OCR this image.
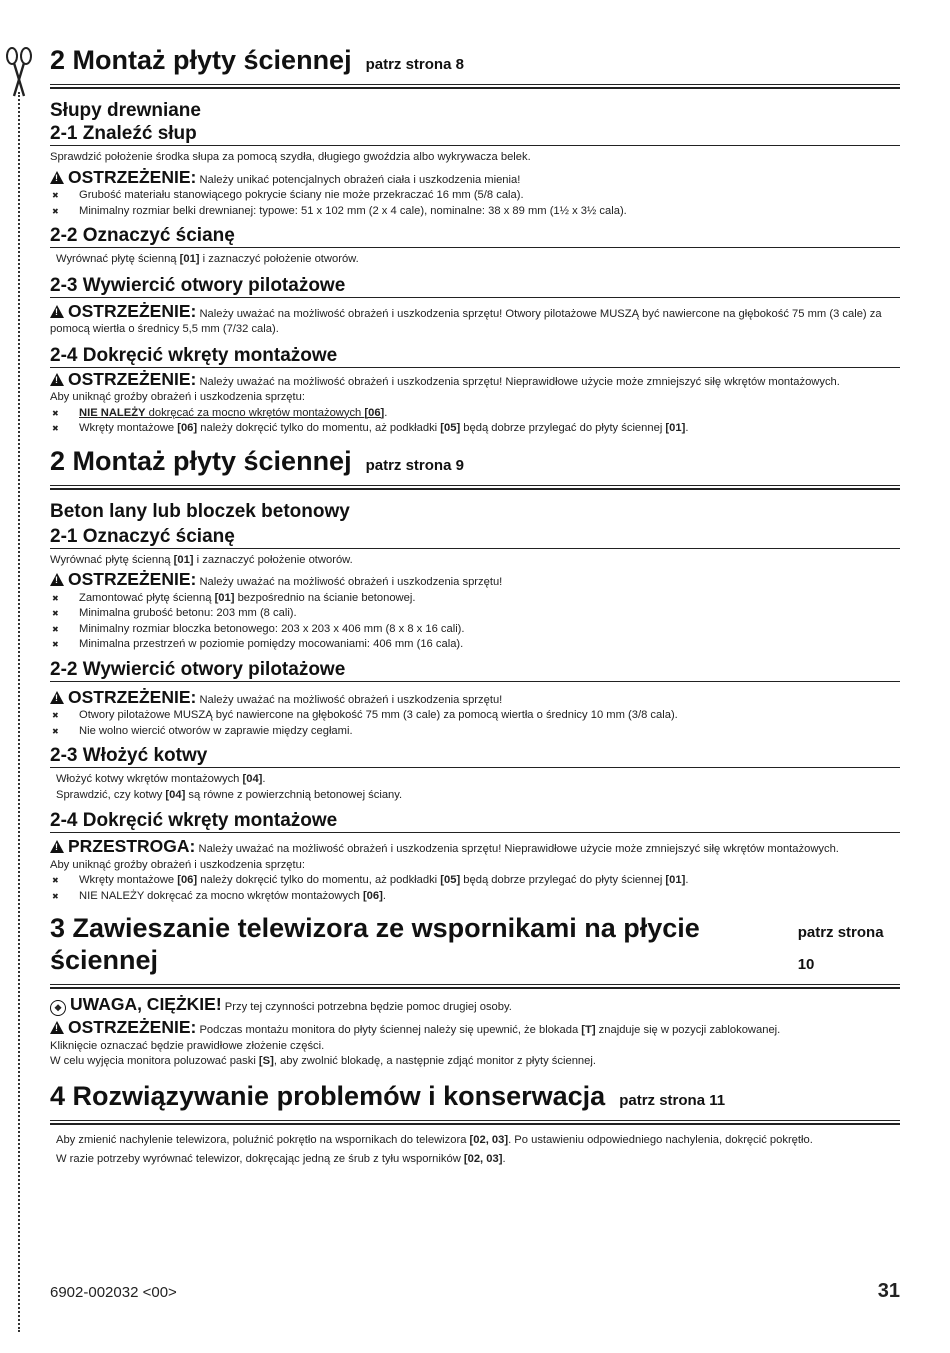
2 Montaż płyty ściennej patrz strona 8
Słupy drewniane
2-1 Znaleźć słup

Sprawdzić położenie środka słupa za pomocą szydła, długiego gwoździa albo wykrywacza belek.

!OSTRZEŻENIE: Należy unikać potencjalnych obrażeń ciała i uszkodzenia mienia!

✖ Grubość materiału stanowiącego pokrycie ściany nie może przekraczać 16 mm (5/8 cala).
✖ Minimalny rozmiar belki drewnianej: typowe: 51 x 102 mm (2 x 4 cale), nominalne: 38 x 89 mm (1½ x 3½ cala).
2-2 Oznaczyć ścianę

Wyrównać płytę ścienną [01] i zaznaczyć położenie otworów.

2-3 Wywiercić otwory pilotażowe

!OSTRZEŻENIE: Należy uważać na możliwość obrażeń i uszkodzenia sprzętu! Otwory pilotażowe MUSZĄ być nawiercone na głębokość 75 mm (3 cale) za pomocą wiertła o średnicy 5,5 mm (7/32 cala).

2-4 Dokręcić wkręty montażowe

!OSTRZEŻENIE: Należy uważać na możliwość obrażeń i uszkodzenia sprzętu! Nieprawidłowe użycie może zmniejszyć siłę wkrętów montażowych.

Aby uniknąć groźby obrażeń i uszkodzenia sprzętu:

✖ NIE NALEŻY dokręcać za mocno wkrętów montażowych [06].
✖ Wkręty montażowe [06] należy dokręcić tylko do momentu, aż podkładki [05] będą dobrze przylegać do płyty ściennej [01].
2 Montaż płyty ściennej patrz strona 9
Beton lany lub bloczek betonowy
2-1 Oznaczyć ścianę

Wyrównać płytę ścienną [01] i zaznaczyć położenie otworów.

!OSTRZEŻENIE: Należy uważać na możliwość obrażeń i uszkodzenia sprzętu!

✖ Zamontować płytę ścienną [01] bezpośrednio na ścianie betonowej.
✖ Minimalna grubość betonu: 203 mm (8 cali).
✖ Minimalny rozmiar bloczka betonowego: 203 x 203 x 406 mm (8 x 8 x 16 cali).
✖ Minimalna przestrzeń w poziomie pomiędzy mocowaniami: 406 mm (16 cala).
2-2 Wywiercić otwory pilotażowe

!OSTRZEŻENIE: Należy uważać na możliwość obrażeń i uszkodzenia sprzętu!

✖ Otwory pilotażowe MUSZĄ być nawiercone na głębokość 75 mm (3 cale) za pomocą wiertła o średnicy 10 mm (3/8 cala).
✖ Nie wolno wiercić otworów w zaprawie między cegłami.
2-3 Włożyć kotwy

Włożyć kotwy wkrętów montażowych [04].

Sprawdzić, czy kotwy [04] są równe z powierzchnią betonowej ściany.

2-4 Dokręcić wkręty montażowe

!PRZESTROGA: Należy uważać na możliwość obrażeń i uszkodzenia sprzętu! Nieprawidłowe użycie może zmniejszyć siłę wkrętów montażowych.

Aby uniknąć groźby obrażeń i uszkodzenia sprzętu:

✖ Wkręty montażowe [06] należy dokręcić tylko do momentu, aż podkładki [05] będą dobrze przylegać do płyty ściennej [01].
✖ NIE NALEŻY dokręcać za mocno wkrętów montażowych [06].
3 Zawieszanie telewizora ze wspornikami na płycie ściennej
patrz strona 10

❖ UWAGA, CIĘŻKIE! Przy tej czynności potrzebna będzie pomoc drugiej osoby.

!OSTRZEŻENIE: Podczas montażu monitora do płyty ściennej należy się upewnić, że blokada [T] znajduje się w pozycji zablokowanej.

Kliknięcie oznaczać będzie prawidłowe złożenie części.

W celu wyjęcia monitora poluzować paski [S], aby zwolnić blokadę, a następnie zdjąć monitor z płyty ściennej.

4 Rozwiązywanie problemów i konserwacja patrz strona 11

Aby zmienić nachylenie telewizora, poluźnić pokrętło na wspornikach do telewizora [02, 03]. Po ustawieniu odpowiedniego nachylenia, dokręcić pokrętło.

W razie potrzeby wyrównać telewizor, dokręcając jedną ze śrub z tyłu wsporników [02, 03].

6902-002032 <00>	31
